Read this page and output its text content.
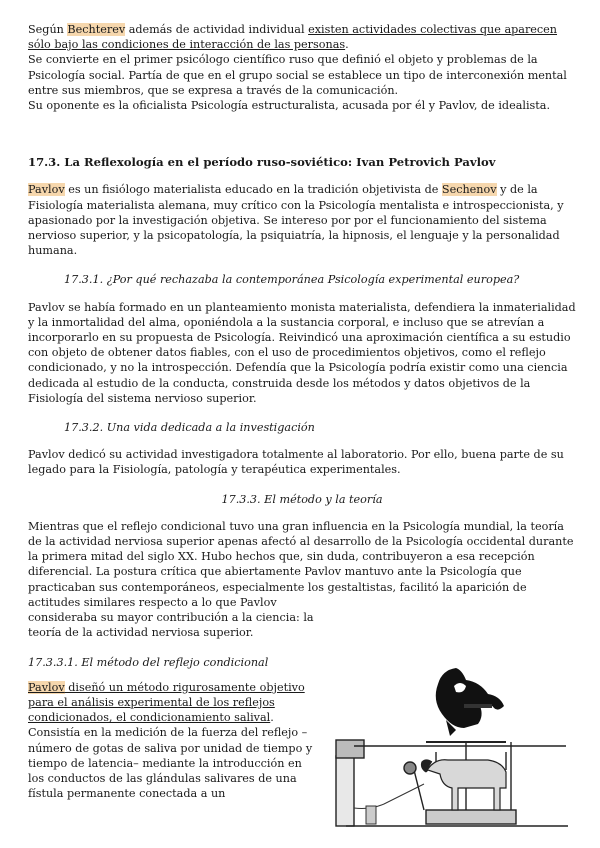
Según Bechterev además de actividad individual existen actividades colectivas que aparecen sólo bajo las condiciones de interacción de las personas.
Se convierte en el primer psicólogo científico ruso que definió el objeto y problemas de la Psicología social. Partía de que en el grupo social se establece un tipo de interconexión mental entre sus miembros, que se expresa a través de la comunicación.
Su oponente es la oficialista Psicología estructuralista, acusada por él y Pavlov, de idealista.

17.3. La Reflexología en el período ruso-soviético: Ivan Petrovich Pavlov

Pavlov es un fisiólogo materialista educado en la tradición objetivista de Sechenov y de la Fisiología materialista alemana, muy crítico con la Psicología mentalista e introspeccionista, y apasionado por la investigación objetiva. Se intereso por por el funcionamiento del sistema nervioso superior, y la psicopatología, la psiquiatría, la hipnosis, el lenguaje y la personalidad humana.

17.3.1. ¿Por qué rechazaba la contemporánea Psicología experimental europea?

Pavlov se había formado en un planteamiento monista materialista, defendiera la inmaterialidad y la inmortalidad del alma, oponiéndola a la sustancia corporal, e incluso que se atrevían a incorporarlo en su propuesta de Psicología. Reivindicó una aproximación científica a su estudio con objeto de obtener datos fiables, con el uso de procedimientos objetivos, como el reflejo condicionado, y no la introspección. Defendía que la Psicología podría existir como una ciencia dedicada al estudio de la conducta, construida desde los métodos y datos objetivos de la Fisiología del sistema nervioso superior.

17.3.2. Una vida dedicada a la investigación

Pavlov dedicó su actividad investigadora totalmente al laboratorio. Por ello, buena parte de su legado para la Fisiología, patología y terapéutica experimentales.

17.3.3. El método y la teoría

Mientras que el reflejo condicional tuvo una gran influencia en la Psicología mundial, la teoría de la actividad nerviosa superior apenas afectó al desarrollo de la Psicología occidental durante la primera mitad del siglo XX. Hubo hechos que, sin duda, contribuyeron a esa recepción diferencial. La postura crítica que abiertamente Pavlov mantuvo ante la Psicología que practicaban sus contemporáneos, especialmente los gestaltistas, facilitó la aparición de actitudes similares respecto a lo que Pavlov

consideraba su mayor contribución a la ciencia: la teoría de la actividad nerviosa superior.

17.3.3.1. El método del reflejo condicional

Pavlov diseñó un método rigurosamente objetivo para el análisis experimental de los reflejos condicionados, el condicionamiento salival. Consistía en la medición de la fuerza del reflejo –número de gotas de saliva por unidad de tiempo y tiempo de latencia– mediante la introducción en los conductos de las glándulas salivares de una fístula permanente conectada a un
